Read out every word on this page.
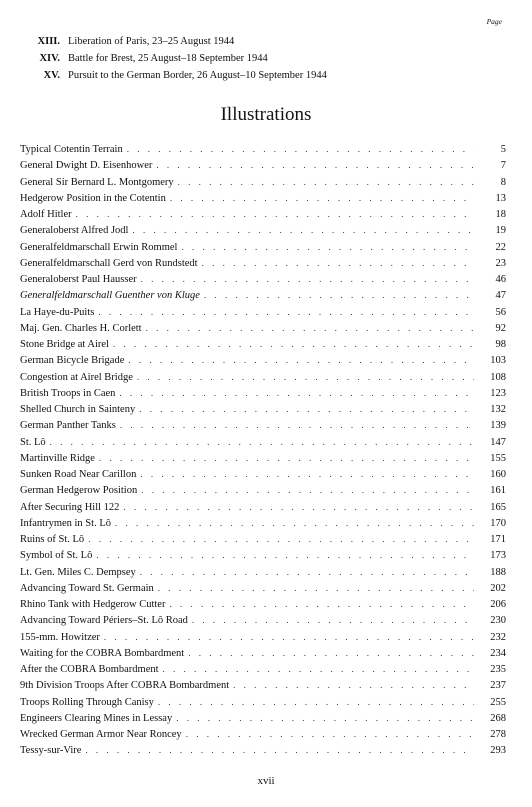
Page
XIII. Liberation of Paris, 23–25 August 1944
XIV. Battle for Brest, 25 August–18 September 1944
XV. Pursuit to the German Border, 26 August–10 September 1944
Illustrations
Typical Cotentin Terrain . . .	5
General Dwight D. Eisenhower . . .	7
General Sir Bernard L. Montgomery . . .	8
Hedgerow Position in the Cotentin . . .	13
Adolf Hitler . . .	18
Generaloberst Alfred Jodl . . .	19
Generalfeldmarschall Erwin Rommel . . .	22
Generalfeldmarschall Gerd von Rundstedt . . .	23
Generaloberst Paul Hausser . . .	46
Generalfeldmarschall Guenther von Kluge . . .	47
La Haye-du-Puits . . .	56
Maj. Gen. Charles H. Corlett . . .	92
Stone Bridge at Airel . . .	98
German Bicycle Brigade . . .	103
Congestion at Airel Bridge . . .	108
British Troops in Caen . . .	123
Shelled Church in Sainteny . . .	132
German Panther Tanks . . .	139
St. Lô . . .	147
Martinville Ridge . . .	155
Sunken Road Near Carillon . . .	160
German Hedgerow Position . . .	161
After Securing Hill 122 . . .	165
Infantrymen in St. Lô . . .	170
Ruins of St. Lô . . .	171
Symbol of St. Lô . . .	173
Lt. Gen. Miles C. Dempsey . . .	188
Advancing Toward St. Germain . . .	202
Rhino Tank with Hedgerow Cutter . . .	206
Advancing Toward Périers–St. Lô Road . . .	230
155-mm. Howitzer . . .	232
Waiting for the COBRA Bombardment . . .	234
After the COBRA Bombardment . . .	235
9th Division Troops After COBRA Bombardment . . .	237
Troops Rolling Through Canisy . . .	255
Engineers Clearing Mines in Lessay . . .	268
Wrecked German Armor Near Roncey . . .	278
Tessy-sur-Vire . . .	293
xvii
